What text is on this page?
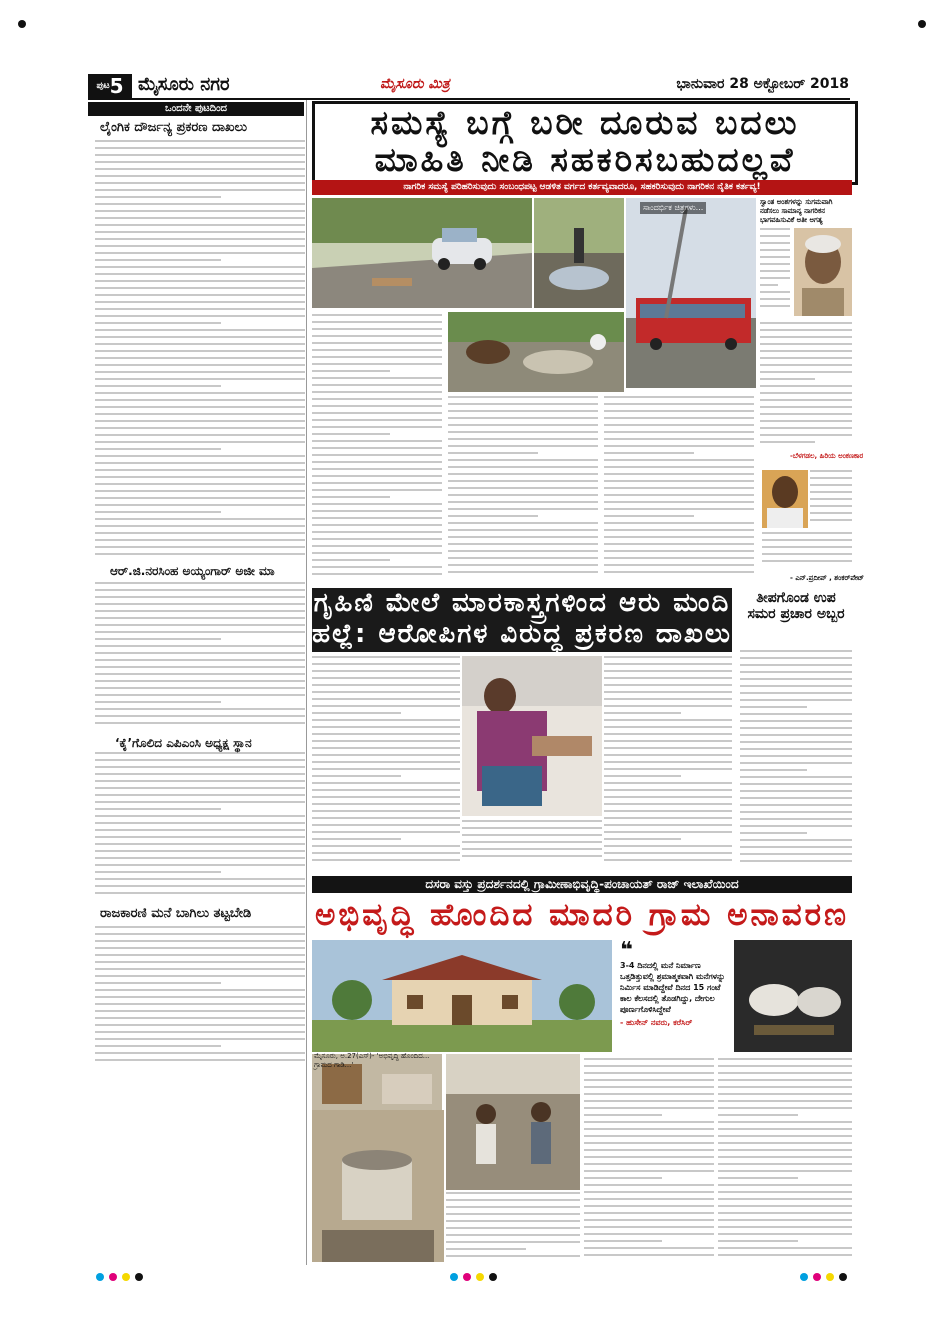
$^{ಪುಟ}$5 ಮೈಸೂರು ನಗರ	ಮೈಸೂರು ಮಿತ್ರ	ಭಾನುವಾರ 28 ಅಕ್ಟೋಬರ್ 2018
ಒಂದನೇ ಪುಟದಿಂದ
ಲೈಂಗಿಕ ದೌರ್ಜನ್ಯ ಪ್ರಕರಣ ದಾಖಲು
ಆರ್.ಜಿ.ನರಸಿಂಹ ಅಯ್ಯಂಗಾರ್ ಅಜೀ ಮಾ
‘ಕೈ’ಗೊಲಿದ ಎಪಿಎಂಸಿ ಅಧ್ಯಕ್ಷ ಸ್ಥಾನ
ರಾಜಕಾರಣಿ ಮನೆ ಬಾಗಿಲು ತಟ್ಟಬೇಡಿ
ಸಮಸ್ಯೆ ಬಗ್ಗೆ ಬರೀ ದೂರುವ ಬದಲು
ಮಾಹಿತಿ ನೀಡಿ ಸಹಕರಿಸಬಹುದಲ್ಲವೆ
ನಾಗರಿಕ ಸಮಸ್ಯೆ ಪರಿಹರಿಸುವುದು ಸಂಬಂಧಪಟ್ಟ ಆಡಳಿತ ವರ್ಗದ ಕರ್ತವ್ಯವಾದರೂ, ಸಹಕರಿಸುವುದು ನಾಗರಿಕನ ನೈತಿಕ ಕರ್ತವ್ಯ!
ಸಾಂದರ್ಭಿಕ ಚಿತ್ರಗಳು...
ಸ್ವಾಂತ ಅಂಶಗಳನ್ನು ಸುಗಮವಾಗಿ ನಡೆಸಲು ಸಾಮಾನ್ಯ ನಾಗರಿಕನ ಭಾಗವಹಿಸುವಿಕೆ ಅತೀ ಅಗತ್ಯ
-ಬೆಳಗಡಲ, ಹಿರಿಯ ಅಂಕಣಕಾರ
- ಎನ್.ಪ್ರದೀಪ್ , ಶಂಕರ್‌ಪೇಟ್
ಗೃಹಿಣಿ ಮೇಲೆ ಮಾರಕಾಸ್ತ್ರಗಳಿಂದ ಆರು ಮಂದಿ
ಹಲ್ಲೆ: ಆರೋಪಿಗಳ ವಿರುದ್ಧ ಪ್ರಕರಣ ದಾಖಲು
ತೀಪಗೊಂಡ ಉಪ ಸಮರ ಪ್ರಚಾರ ಅಬ್ಬರ
ದಸರಾ ವಸ್ತು ಪ್ರದರ್ಶನದಲ್ಲಿ ಗ್ರಾಮೀಣಾಭಿವೃದ್ಧಿ-ಪಂಚಾಯತ್ ರಾಜ್ ಇಲಾಖೆಯಿಂದ
ಅಭಿವೃದ್ಧಿ ಹೊಂದಿದ ಮಾದರಿ ಗ್ರಾಮ ಅನಾವರಣ
❝
3-4 ದಿನದಲ್ಲಿ ಮನೆ ನಿರ್ಮಾಣ ಒತ್ತಡಿತ್ತುವಲ್ಲಿ ಶ್ರಮಾತ್ಮಕವಾಗಿ ಮನೆಗಳನ್ನು ನಿರ್ಮಿಸ ಮಾಡಿದ್ದೇವೆ ದಿನದ 15 ಗಂಟೆ ಕಾಲ ಕೆಲಸದಲ್ಲಿ ತೊಡಗಿದ್ದು, ದೇಗುಲ ಪೂರ್ಣಗೊಳಿಸಿದ್ದೇವೆ
- ಹುಸೇನ್ ನವರು, ಕರೆಸಿರ್
ಮೈಸೂರು, ಅ.27(ಎಸ್)- 'ಅಭಿವೃದ್ಧಿ ಹೊಂದಿದ... ಗ್ರಾಮದ ಗಾಡಿ...'
